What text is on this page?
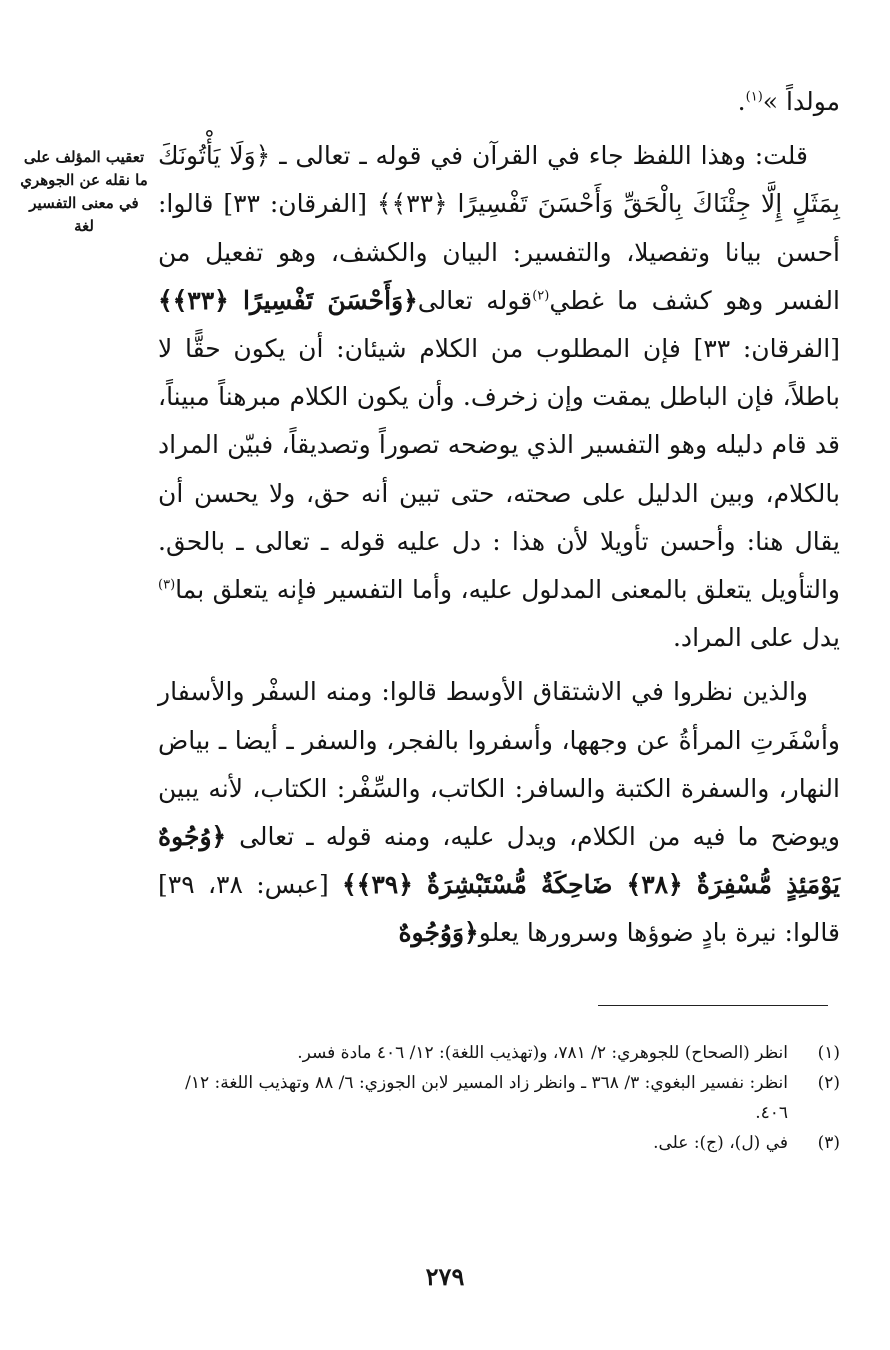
تعقيب المؤلف على ما نقله عن الجوهري في معنى التفسير لغة

مولداً »$^{(١)}$.

قلت: وهذا اللفظ جاء في القرآن في قوله ـ تعالى ـ ﴿وَلَا يَأْتُونَكَ بِمَثَلٍ إِلَّا جِئْنَاكَ بِالْحَقِّ وَأَحْسَنَ تَفْسِيرًا ﴿٣٣﴾﴾ [الفرقان: ٣٣] قالوا: أحسن بيانا وتفصيلا، والتفسير: البيان والكشف، وهو تفعيل من الفسر وهو كشف ما غطي$^{(٢)}$قوله تعالى﴿وَأَحْسَنَ تَفْسِيرًا ﴿٣٣﴾﴾ [الفرقان: ٣٣] فإن المطلوب من الكلام شيئان: أن يكون حقًّا لا باطلاً، فإن الباطل يمقت وإن زخرف. وأن يكون الكلام مبرهناً مبيناً، قد قام دليله وهو التفسير الذي يوضحه تصوراً وتصديقاً، فبيّن المراد بالكلام، وبين الدليل على صحته، حتى تبين أنه حق، ولا يحسن أن يقال هنا: وأحسن تأويلا لأن هذا : دل عليه قوله ـ تعالى ـ بالحق. والتأويل يتعلق بالمعنى المدلول عليه، وأما التفسير فإنه يتعلق بما$^{(٣)}$ يدل على المراد.

والذين نظروا في الاشتقاق الأوسط قالوا: ومنه السفْر والأسفار وأسْفَرتِ المرأةُ عن وجهها، وأسفروا بالفجر، والسفر ـ أيضا ـ بياض النهار، والسفرة الكتبة والسافر: الكاتب، والسِّفْر: الكتاب، لأنه يبين ويوضح ما فيه من الكلام، ويدل عليه، ومنه قوله ـ تعالى ﴿وُجُوهٌ يَوْمَئِذٍ مُّسْفِرَةٌ ﴿٣٨﴾ ضَاحِكَةٌ مُّسْتَبْشِرَةٌ ﴿٣٩﴾﴾ [عبس: ٣٨، ٣٩] قالوا: نيرة بادٍ ضوؤها وسرورها يعلو﴿وَوُجُوهٌ

(١)
انظر (الصحاح) للجوهري: ٢/ ٧٨١، و(تهذيب اللغة): ١٢/ ٤٠٦ مادة فسر.
(٢)
انظر: نفسير البغوي: ٣/ ٣٦٨ ـ وانظر زاد المسير لابن الجوزي: ٦/ ٨٨ وتهذيب اللغة: ١٢/ ٤٠٦.
(٣)
في (ل)، (ج): على.
٢٧٩
